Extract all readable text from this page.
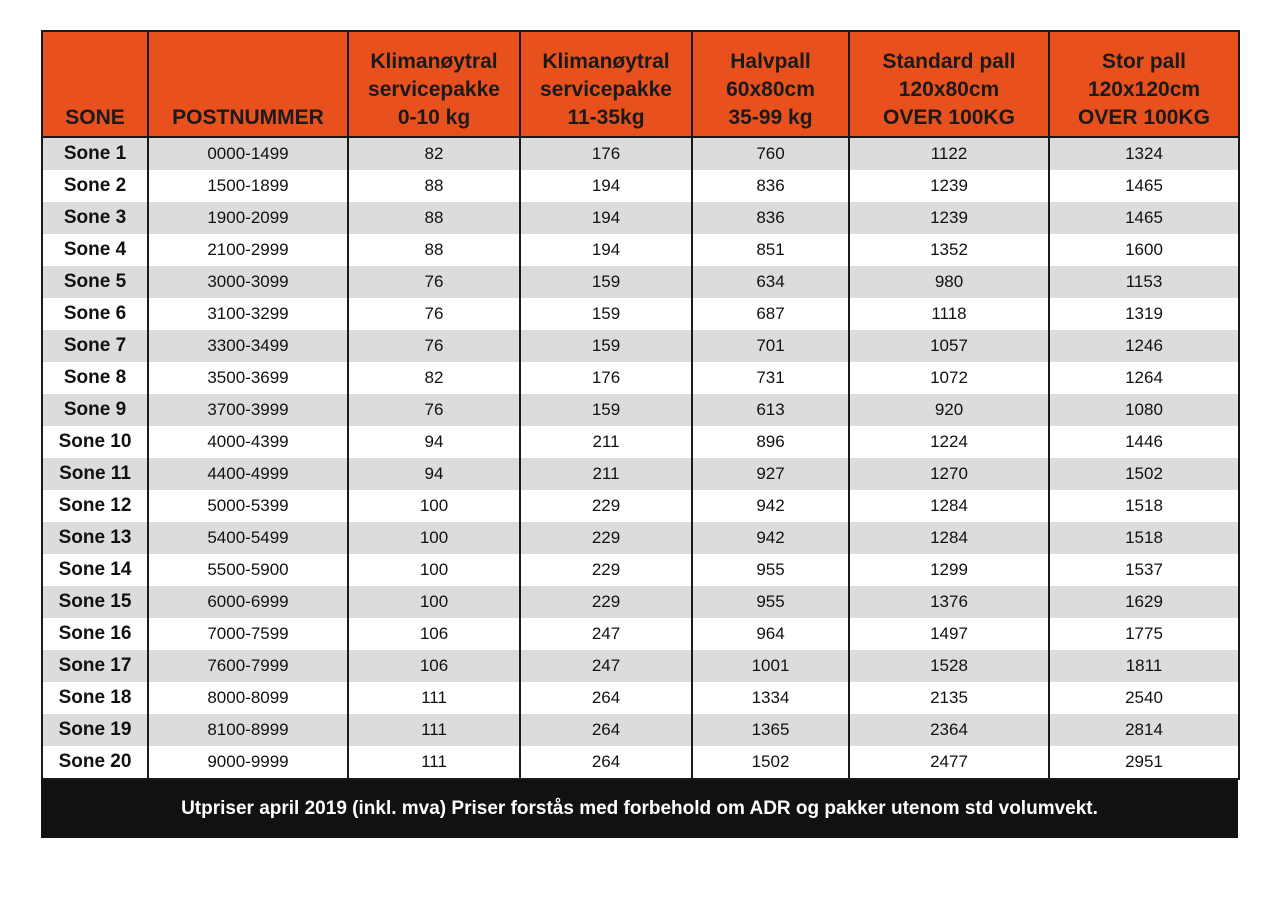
SONE	POSTNUMMER	Klimanøytral
servicepakke
0-10 kg	Klimanøytral
servicepakke
11-35kg	Halvpall
60x80cm
35-99 kg	Standard pall
120x80cm
OVER 100KG	Stor pall
120x120cm
OVER 100KG

Sone 1	0000-1499	82	176	760	1122	1324
Sone 2	1500-1899	88	194	836	1239	1465
Sone 3	1900-2099	88	194	836	1239	1465
Sone 4	2100-2999	88	194	851	1352	1600
Sone 5	3000-3099	76	159	634	980	1153
Sone 6	3100-3299	76	159	687	1118	1319
Sone 7	3300-3499	76	159	701	1057	1246
Sone 8	3500-3699	82	176	731	1072	1264
Sone 9	3700-3999	76	159	613	920	1080
Sone 10	4000-4399	94	211	896	1224	1446
Sone 11	4400-4999	94	211	927	1270	1502
Sone 12	5000-5399	100	229	942	1284	1518
Sone 13	5400-5499	100	229	942	1284	1518
Sone 14	5500-5900	100	229	955	1299	1537
Sone 15	6000-6999	100	229	955	1376	1629
Sone 16	7000-7599	106	247	964	1497	1775
Sone 17	7600-7999	106	247	1001	1528	1811
Sone 18	8000-8099	111	264	1334	2135	2540
Sone 19	8100-8999	111	264	1365	2364	2814
Sone 20	9000-9999	111	264	1502	2477	2951
Utpriser april 2019 (inkl. mva) Priser forstås med forbehold om ADR og pakker utenom std volumvekt.
